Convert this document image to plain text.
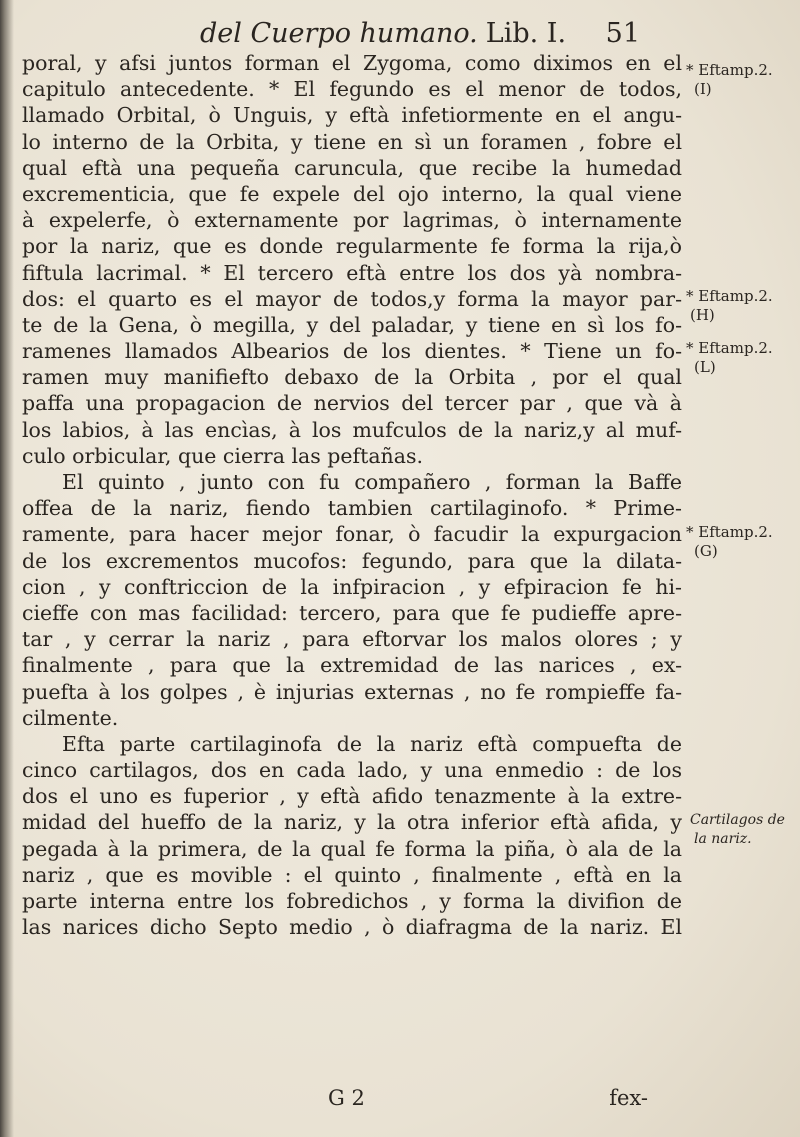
del Cuerpo humano. Lib. I. 51
poral, y afsi juntos forman el Zygoma, como diximos en el
capitulo antecedente. * El fegundo es el menor de todos,
llamado Orbital, ò Unguis, y eftà infetiormente en el angu-
lo interno de la Orbita, y tiene en sì un foramen , fobre el
qual eftà una pequeña caruncula, que recibe la humedad
excrementicia, que fe expele del ojo interno, la qual viene
à expelerfe, ò externamente por lagrimas, ò internamente
por la nariz, que es donde regularmente fe forma la rija,ò
fiftula lacrimal. * El tercero eftà entre los dos yà nombra-
dos: el quarto es el mayor de todos,y forma la mayor par-
te de la Gena, ò megilla, y del paladar, y tiene en sì los fo-
ramenes llamados Albearios de los dientes. * Tiene un fo-
ramen muy manifiefto debaxo de la Orbita , por el qual
paffa una propagacion de nervios del tercer par , que và à
los labios, à las encìas, à los mufculos de la nariz,y al muf-
culo orbicular, que cierra las peftañas.
El quinto , junto con fu compañero , forman la Baffe
offea de la nariz, fiendo tambien cartilaginofo. * Prime-
ramente, para hacer mejor fonar, ò facudir la expurgacion
de los excrementos mucofos: fegundo, para que la dilata-
cion , y conftriccion de la infpiracion , y efpiracion fe hi-
cieffe con mas facilidad: tercero, para que fe pudieffe apre-
tar , y cerrar la nariz , para eftorvar los malos olores ; y
finalmente , para que la extremidad de las narices , ex-
puefta à los golpes , è injurias externas , no fe rompieffe fa-
cilmente.
Efta parte cartilaginofa de la nariz eftà compuefta de
cinco cartilagos, dos en cada lado, y una enmedio : de los
dos el uno es fuperior , y eftà afido tenazmente à la extre-
midad del hueffo de la nariz, y la otra inferior eftà afida, y
pegada à la primera, de la qual fe forma la piña, ò ala de la
nariz , que es movible : el quinto , finalmente , eftà en la
parte interna entre los fobredichos , y forma la divifion de
las narices dicho Septo medio , ò diafragma de la nariz. El
* Eftamp.2.
(I)
* Eftamp.2.
(H)
* Eftamp.2.
(L)
* Eftamp.2.
(G)
Cartilagos de
la nariz.
G 2	fex-
